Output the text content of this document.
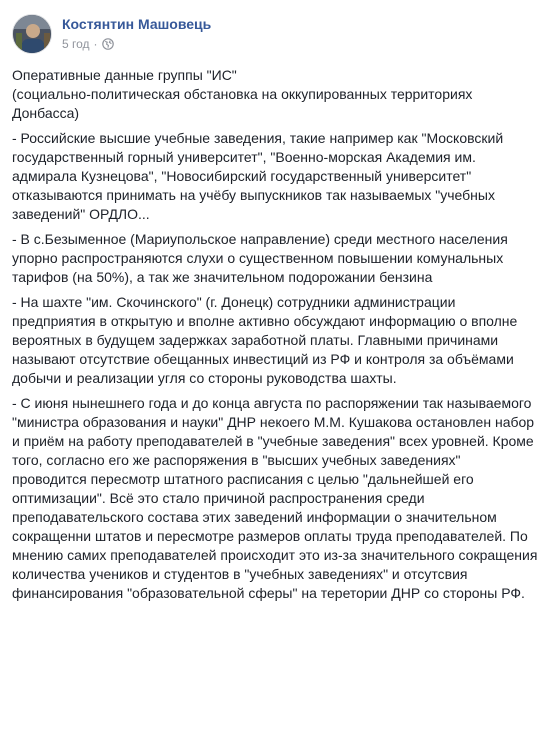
Костянтин Машовець
5 год ·

Оперативные данные группы "ИС"
(социально-политическая обстановка на оккупированных территориях Донбасса)

- Российские высшие учебные заведения, такие например как "Московский государственный горный университет", "Военно-морская Академия им. адмирала Кузнецова", "Новосибирский государственный университет" отказываются принимать на учёбу выпускников так называемых "учебных заведений" ОРДЛО...

- В с.Безыменное (Мариупольское направление) среди местного населения упорно распространяются слухи о существенном повышении комунальных тарифов (на 50%), а так же значительном подорожании бензина

- На шахте "им. Скочинского" (г. Донецк) сотрудники администрации предприятия в открытую и вполне активно обсуждают информацию о вполне вероятных в будущем задержках заработной платы. Главными причинами называют отсутствие обещанных инвестиций из РФ и контроля за объёмами добычи и реализации угля со стороны руководства шахты.

- С июня нынешнего года и до конца августа по распоряжении так называемого "министра образования и науки" ДНР некоего М.М. Кушакова остановлен набор и приём на работу преподавателей в "учебные заведения" всех уровней. Кроме того, согласно его же распоряжения в "высших учебных заведениях" проводится пересмотр штатного расписания с целью "дальнейшей его оптимизации". Всё это стало причиной распространения среди преподавательского состава этих заведений информации о значительном сокращенни штатов и пересмотре размеров оплаты труда преподавателей. По мнению самих преподавателей происходит это из-за значительного сокращения количества учеников и студентов в "учебных заведениях" и отсутсвия финансирования "образовательной сферы" на теретории ДНР со стороны РФ.
